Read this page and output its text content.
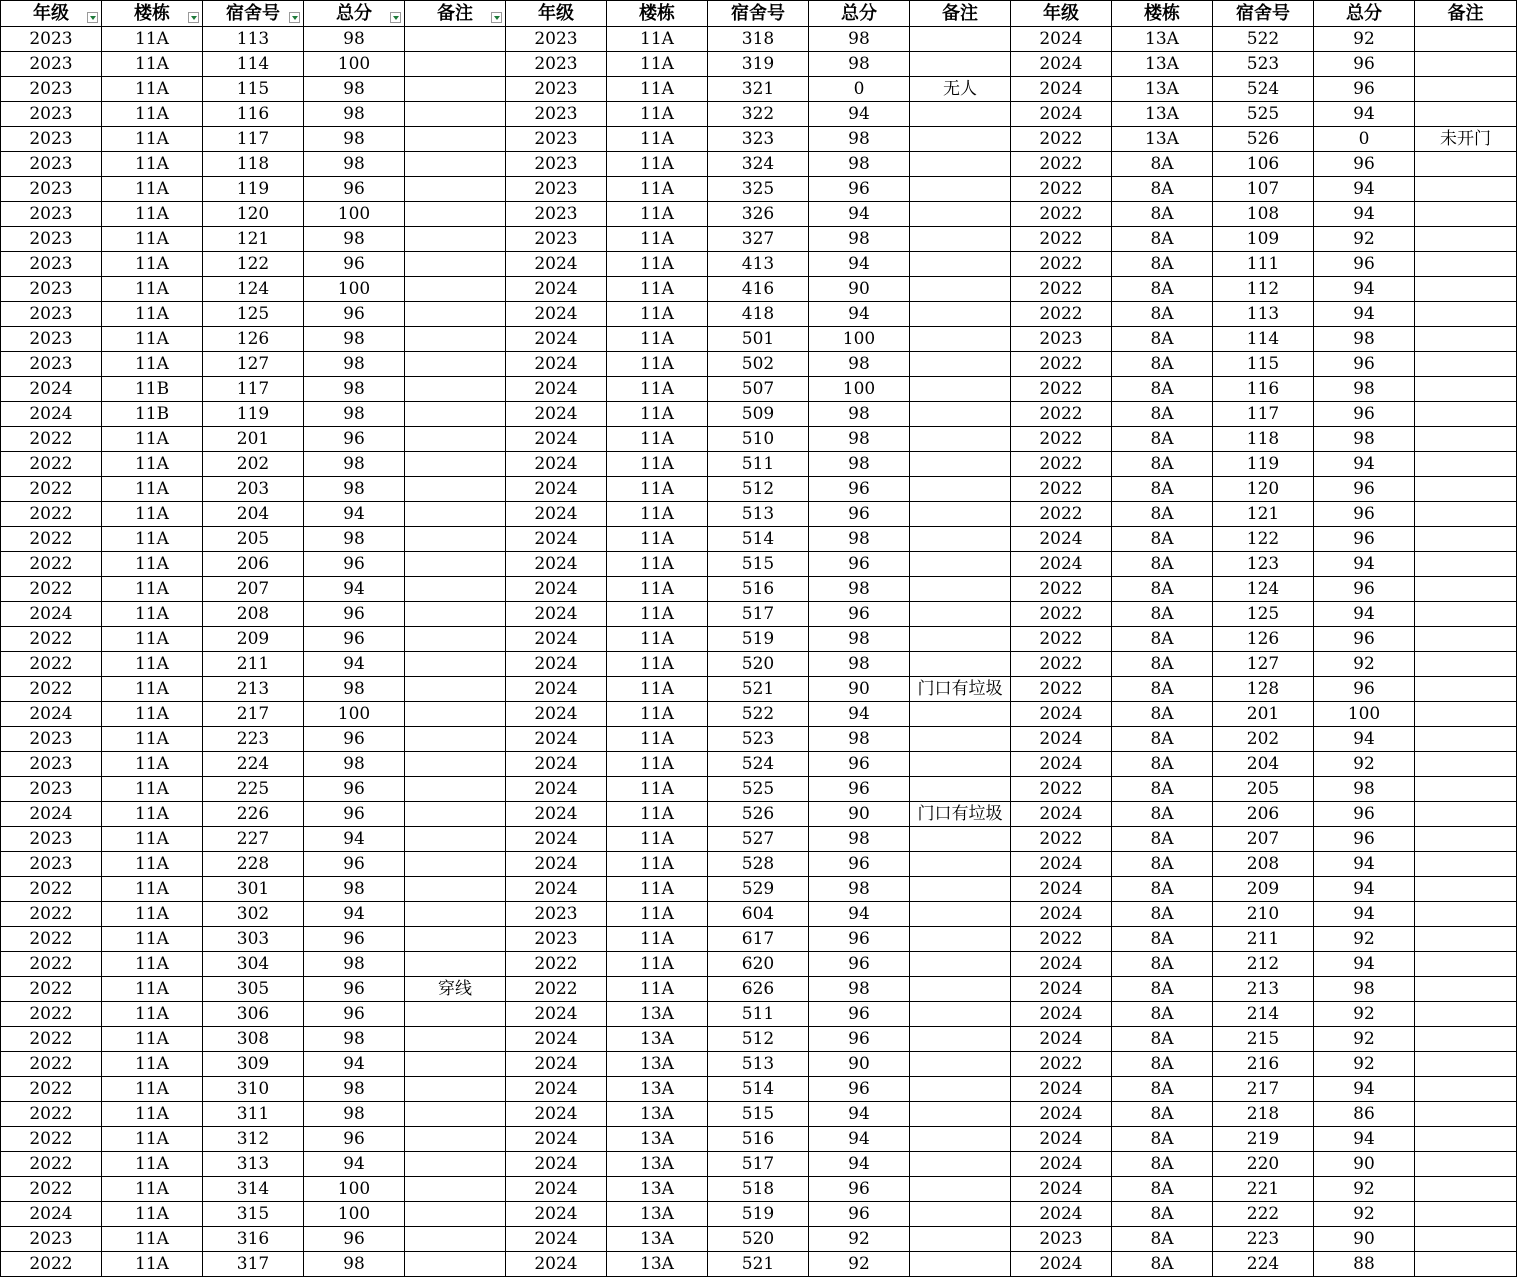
年级	楼栋	宿舍号	总分	备注	年级	楼栋	宿舍号	总分	备注	年级	楼栋	宿舍号	总分	备注
2023	11A	113	98		2023	11A	318	98		2024	13A	522	92	
2023	11A	114	100		2023	11A	319	98		2024	13A	523	96	
2023	11A	115	98		2023	11A	321	0	无人	2024	13A	524	96	
2023	11A	116	98		2023	11A	322	94		2024	13A	525	94	
2023	11A	117	98		2023	11A	323	98		2022	13A	526	0	未开门
2023	11A	118	98		2023	11A	324	98		2022	8A	106	96	
2023	11A	119	96		2023	11A	325	96		2022	8A	107	94	
2023	11A	120	100		2023	11A	326	94		2022	8A	108	94	
2023	11A	121	98		2023	11A	327	98		2022	8A	109	92	
2023	11A	122	96		2024	11A	413	94		2022	8A	111	96	
2023	11A	124	100		2024	11A	416	90		2022	8A	112	94	
2023	11A	125	96		2024	11A	418	94		2022	8A	113	94	
2023	11A	126	98		2024	11A	501	100		2023	8A	114	98	
2023	11A	127	98		2024	11A	502	98		2022	8A	115	96	
2024	11B	117	98		2024	11A	507	100		2022	8A	116	98	
2024	11B	119	98		2024	11A	509	98		2022	8A	117	96	
2022	11A	201	96		2024	11A	510	98		2022	8A	118	98	
2022	11A	202	98		2024	11A	511	98		2022	8A	119	94	
2022	11A	203	98		2024	11A	512	96		2022	8A	120	96	
2022	11A	204	94		2024	11A	513	96		2022	8A	121	96	
2022	11A	205	98		2024	11A	514	98		2024	8A	122	96	
2022	11A	206	96		2024	11A	515	96		2024	8A	123	94	
2022	11A	207	94		2024	11A	516	98		2022	8A	124	96	
2024	11A	208	96		2024	11A	517	96		2022	8A	125	94	
2022	11A	209	96		2024	11A	519	98		2022	8A	126	96	
2022	11A	211	94		2024	11A	520	98		2022	8A	127	92	
2022	11A	213	98		2024	11A	521	90	门口有垃圾	2022	8A	128	96	
2024	11A	217	100		2024	11A	522	94		2024	8A	201	100	
2023	11A	223	96		2024	11A	523	98		2024	8A	202	94	
2023	11A	224	98		2024	11A	524	96		2024	8A	204	92	
2023	11A	225	96		2024	11A	525	96		2022	8A	205	98	
2024	11A	226	96		2024	11A	526	90	门口有垃圾	2024	8A	206	96	
2023	11A	227	94		2024	11A	527	98		2022	8A	207	96	
2023	11A	228	96		2024	11A	528	96		2024	8A	208	94	
2022	11A	301	98		2024	11A	529	98		2024	8A	209	94	
2022	11A	302	94		2023	11A	604	94		2024	8A	210	94	
2022	11A	303	96		2023	11A	617	96		2022	8A	211	92	
2022	11A	304	98		2022	11A	620	96		2024	8A	212	94	
2022	11A	305	96	穿线	2022	11A	626	98		2024	8A	213	98	
2022	11A	306	96		2024	13A	511	96		2024	8A	214	92	
2022	11A	308	98		2024	13A	512	96		2024	8A	215	92	
2022	11A	309	94		2024	13A	513	90		2022	8A	216	92	
2022	11A	310	98		2024	13A	514	96		2024	8A	217	94	
2022	11A	311	98		2024	13A	515	94		2024	8A	218	86	
2022	11A	312	96		2024	13A	516	94		2024	8A	219	94	
2022	11A	313	94		2024	13A	517	94		2024	8A	220	90	
2022	11A	314	100		2024	13A	518	96		2024	8A	221	92	
2024	11A	315	100		2024	13A	519	96		2024	8A	222	92	
2023	11A	316	96		2024	13A	520	92		2023	8A	223	90	
2022	11A	317	98		2024	13A	521	92		2024	8A	224	88	
